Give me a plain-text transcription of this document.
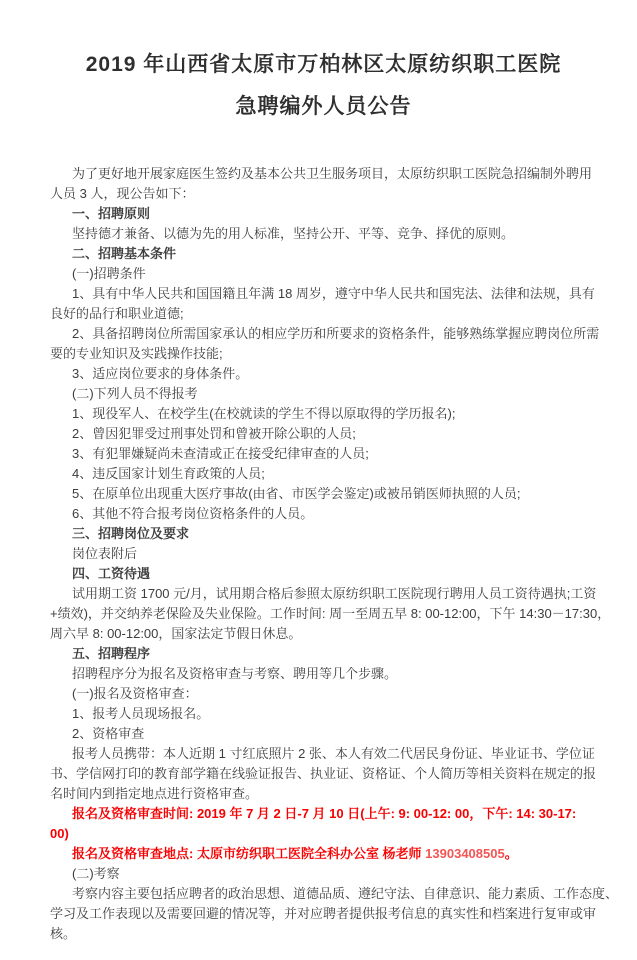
2019 年山西省太原市万柏林区太原纺织职工医院
急聘编外人员公告
为了更好地开展家庭医生签约及基本公共卫生服务项目，太原纺织职工医院急招编制外聘用
人员 3 人，现公告如下：
一、招聘原则
坚持德才兼备、以德为先的用人标准，坚持公开、平等、竞争、择优的原则。
二、招聘基本条件
(一)招聘条件
1、具有中华人民共和国国籍且年满 18 周岁，遵守中华人民共和国宪法、法律和法规，具有
良好的品行和职业道德;
2、具备招聘岗位所需国家承认的相应学历和所要求的资格条件，能够熟练掌握应聘岗位所需
要的专业知识及实践操作技能;
3、适应岗位要求的身体条件。
(二)下列人员不得报考
1、现役军人、在校学生(在校就读的学生不得以原取得的学历报名);
2、曾因犯罪受过刑事处罚和曾被开除公职的人员;
3、有犯罪嫌疑尚未查清或正在接受纪律审查的人员;
4、违反国家计划生育政策的人员;
5、在原单位出现重大医疗事故(由省、市医学会鉴定)或被吊销医师执照的人员;
6、其他不符合报考岗位资格条件的人员。
三、招聘岗位及要求
岗位表附后
四、工资待遇
试用期工资 1700 元/月，试用期合格后参照太原纺织职工医院现行聘用人员工资待遇执;工资
+绩效)，并交纳养老保险及失业保险。工作时间: 周一至周五早 8: 00-12:00，下午 14:30－17:30，
周六早 8: 00-12:00，国家法定节假日休息。
五、招聘程序
招聘程序分为报名及资格审查与考察、聘用等几个步骤。
(一)报名及资格审查：
1、报考人员现场报名。
2、资格审查
报考人员携带：本人近期 1 寸红底照片 2 张、本人有效二代居民身份证、毕业证书、学位证
书、学信网打印的教育部学籍在线验证报告、执业证、资格证、个人简历等相关资料在规定的报
名时间内到指定地点进行资格审查。
报名及资格审查时间: 2019 年 7 月 2 日-7 月 10 日(上午: 9: 00-12: 00，下午: 14: 30-17:
00)
报名及资格审查地点: 太原市纺织职工医院全科办公室 杨老师 13903408505。
(二)考察
考察内容主要包括应聘者的政治思想、道德品质、遵纪守法、自律意识、能力素质、工作态度、
学习及工作表现以及需要回避的情况等，并对应聘者提供报考信息的真实性和档案进行复审或审
核。
